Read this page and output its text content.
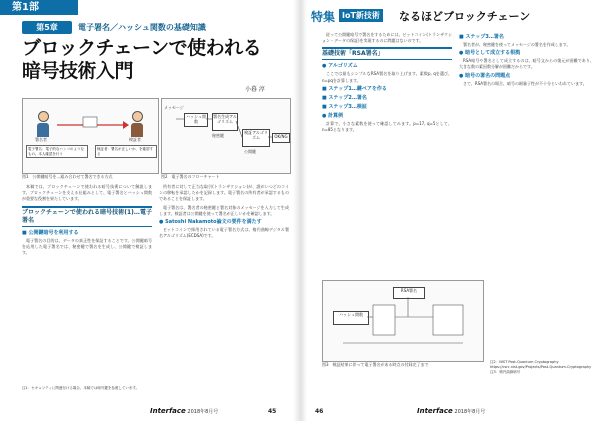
第1部
第5章	電子署名／ハッシュ関数の基礎知識
ブロックチェーンで使われる
暗号技術入門
小暮 淳
署名者	検証者
電子署名：電子的なハンコのようなもの。本人確認を行う
検証者：署名が正しいか、を確認する
図1　公開鍵暗号を…組み合わせて署名できる方式
メッセージ
ハッシュ関数
署名生成アルゴリズム
検証アルゴリズム	OK/NG
秘密鍵
公開鍵
図2　電子署名のフローチャート

本稿では、ブロックチェーンで使われる暗号技術について解説します。ブロックチェーンを支える仕組みとして、電子署名とハッシュ関数が重要な役割を果たしています。

ブロックチェーンで使われる暗号技術(1)…電子署名
■ 公開鍵暗号を利用する

電子署名の目的は、データの真正性を保証することです。公開鍵暗号を応用した電子署名では、秘密鍵で署名を生成し、公開鍵で検証します。

注1：セキュリティに関連付ける場合、本稿では暗号鍵を参照しています。

所有者に対して正当な取引(トランザクション)が、誰がいつどのコインの移転を承認したかを記録します。電子署名の所有者が承認するものであることを保証します。

電子署名は、署名者の秘密鍵と署名対象のメッセージを入力して生成します。検証者は公開鍵を使って署名が正しいかを確認します。

● Satoshi Nakamoto論文の要件を満たす

ビットコインで採用されている電子署名方式は、楕円曲線デジタル署名アルゴリズム(ECDSA)です。

Interface 2018年8月号	45
特集 IoT新技術 なるほどブロックチェーン

従って公開鍵暗号で署名をするためには、ビットコイン(トランザクション・データの保証)を実現するのに問題はないのです。

基礎技術「RSA署名」
● アルゴリズム

ここでは最もシンプルなRSA署名を取り上げます。素数p, qを選び、n=pqを計算します。

■ ステップ1…鍵ペアを作る
■ ステップ2…署名
■ ステップ3…検証
● 計算例

計算で、小さな素数を使って確認してみます。p=17, q=5として、n=85となります。

RSA署名
ハッシュ関数
図3　検証結果に伴って電子署名がある時点の付録完了まで
■ ステップ3…署名

署名者が、秘密鍵を使ってメッセージの署名を作成します。

● 暗号として成立する根拠

RSA暗号や署名として成立するのは、暗号文からの復元が困難であり、大きな数の素因数分解が困難だからです。

● 暗号の署名の問題点

さて、RSA署名の場合、暗号の耐量子性が不十分といわれています。

注2：NIST Post-Quantum Cryptography
https://csrc.nist.gov/Projects/Post-Quantum-Cryptography
注3：楕円曲線暗号
46	Interface 2018年8月号
